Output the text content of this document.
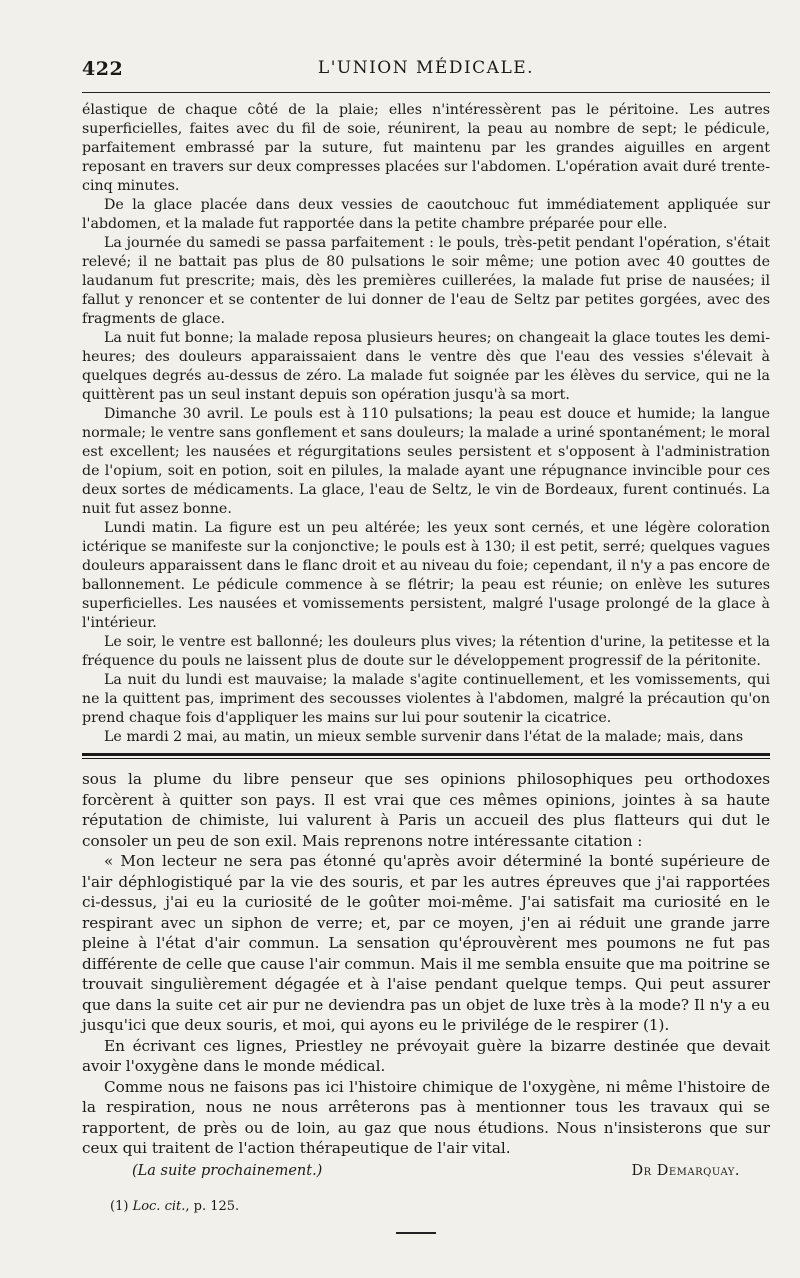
422	L'UNION MÉDICALE.

élastique de chaque côté de la plaie; elles n'intéressèrent pas le péritoine. Les autres superficielles, faites avec du fil de soie, réunirent, la peau au nombre de sept; le pédicule, parfaitement embrassé par la suture, fut maintenu par les grandes aiguilles en argent reposant en travers sur deux compresses placées sur l'abdomen. L'opération avait duré trente-cinq minutes.

De la glace placée dans deux vessies de caoutchouc fut immédiatement appliquée sur l'abdomen, et la malade fut rapportée dans la petite chambre préparée pour elle.

La journée du samedi se passa parfaitement : le pouls, très-petit pendant l'opération, s'était relevé; il ne battait pas plus de 80 pulsations le soir même; une potion avec 40 gouttes de laudanum fut prescrite; mais, dès les premières cuillerées, la malade fut prise de nausées; il fallut y renoncer et se contenter de lui donner de l'eau de Seltz par petites gorgées, avec des fragments de glace.

La nuit fut bonne; la malade reposa plusieurs heures; on changeait la glace toutes les demi-heures; des douleurs apparaissaient dans le ventre dès que l'eau des vessies s'élevait à quelques degrés au-dessus de zéro. La malade fut soignée par les élèves du service, qui ne la quittèrent pas un seul instant depuis son opération jusqu'à sa mort.

Dimanche 30 avril. Le pouls est à 110 pulsations; la peau est douce et humide; la langue normale; le ventre sans gonflement et sans douleurs; la malade a uriné spontanément; le moral est excellent; les nausées et régurgitations seules persistent et s'opposent à l'administration de l'opium, soit en potion, soit en pilules, la malade ayant une répugnance invincible pour ces deux sortes de médicaments. La glace, l'eau de Seltz, le vin de Bordeaux, furent continués. La nuit fut assez bonne.

Lundi matin. La figure est un peu altérée; les yeux sont cernés, et une légère coloration ictérique se manifeste sur la conjonctive; le pouls est à 130; il est petit, serré; quelques vagues douleurs apparaissent dans le flanc droit et au niveau du foie; cependant, il n'y a pas encore de ballonnement. Le pédicule commence à se flétrir; la peau est réunie; on enlève les sutures superficielles. Les nausées et vomissements persistent, malgré l'usage prolongé de la glace à l'intérieur.

Le soir, le ventre est ballonné; les douleurs plus vives; la rétention d'urine, la petitesse et la fréquence du pouls ne laissent plus de doute sur le développement progressif de la péritonite.

La nuit du lundi est mauvaise; la malade s'agite continuellement, et les vomissements, qui ne la quittent pas, impriment des secousses violentes à l'abdomen, malgré la précaution qu'on prend chaque fois d'appliquer les mains sur lui pour soutenir la cicatrice.

Le mardi 2 mai, au matin, un mieux semble survenir dans l'état de la malade; mais, dans

sous la plume du libre penseur que ses opinions philosophiques peu orthodoxes forcèrent à quitter son pays. Il est vrai que ces mêmes opinions, jointes à sa haute réputation de chimiste, lui valurent à Paris un accueil des plus flatteurs qui dut le consoler un peu de son exil. Mais reprenons notre intéressante citation :

« Mon lecteur ne sera pas étonné qu'après avoir déterminé la bonté supérieure de l'air déphlogistiqué par la vie des souris, et par les autres épreuves que j'ai rapportées ci-dessus, j'ai eu la curiosité de le goûter moi-même. J'ai satisfait ma curiosité en le respirant avec un siphon de verre; et, par ce moyen, j'en ai réduit une grande jarre pleine à l'état d'air commun. La sensation qu'éprouvèrent mes poumons ne fut pas différente de celle que cause l'air commun. Mais il me sembla ensuite que ma poitrine se trouvait singulièrement dégagée et à l'aise pendant quelque temps. Qui peut assurer que dans la suite cet air pur ne deviendra pas un objet de luxe très à la mode? Il n'y a eu jusqu'ici que deux souris, et moi, qui ayons eu le privilége de le respirer (1).

En écrivant ces lignes, Priestley ne prévoyait guère la bizarre destinée que devait avoir l'oxygène dans le monde médical.

Comme nous ne faisons pas ici l'histoire chimique de l'oxygène, ni même l'histoire de la respiration, nous ne nous arrêterons pas à mentionner tous les travaux qui se rapportent, de près ou de loin, au gaz que nous étudions. Nous n'insisterons que sur ceux qui traitent de l'action thérapeutique de l'air vital.

(La suite prochainement.)	Dr Demarquay.
(1) Loc. cit., p. 125.
